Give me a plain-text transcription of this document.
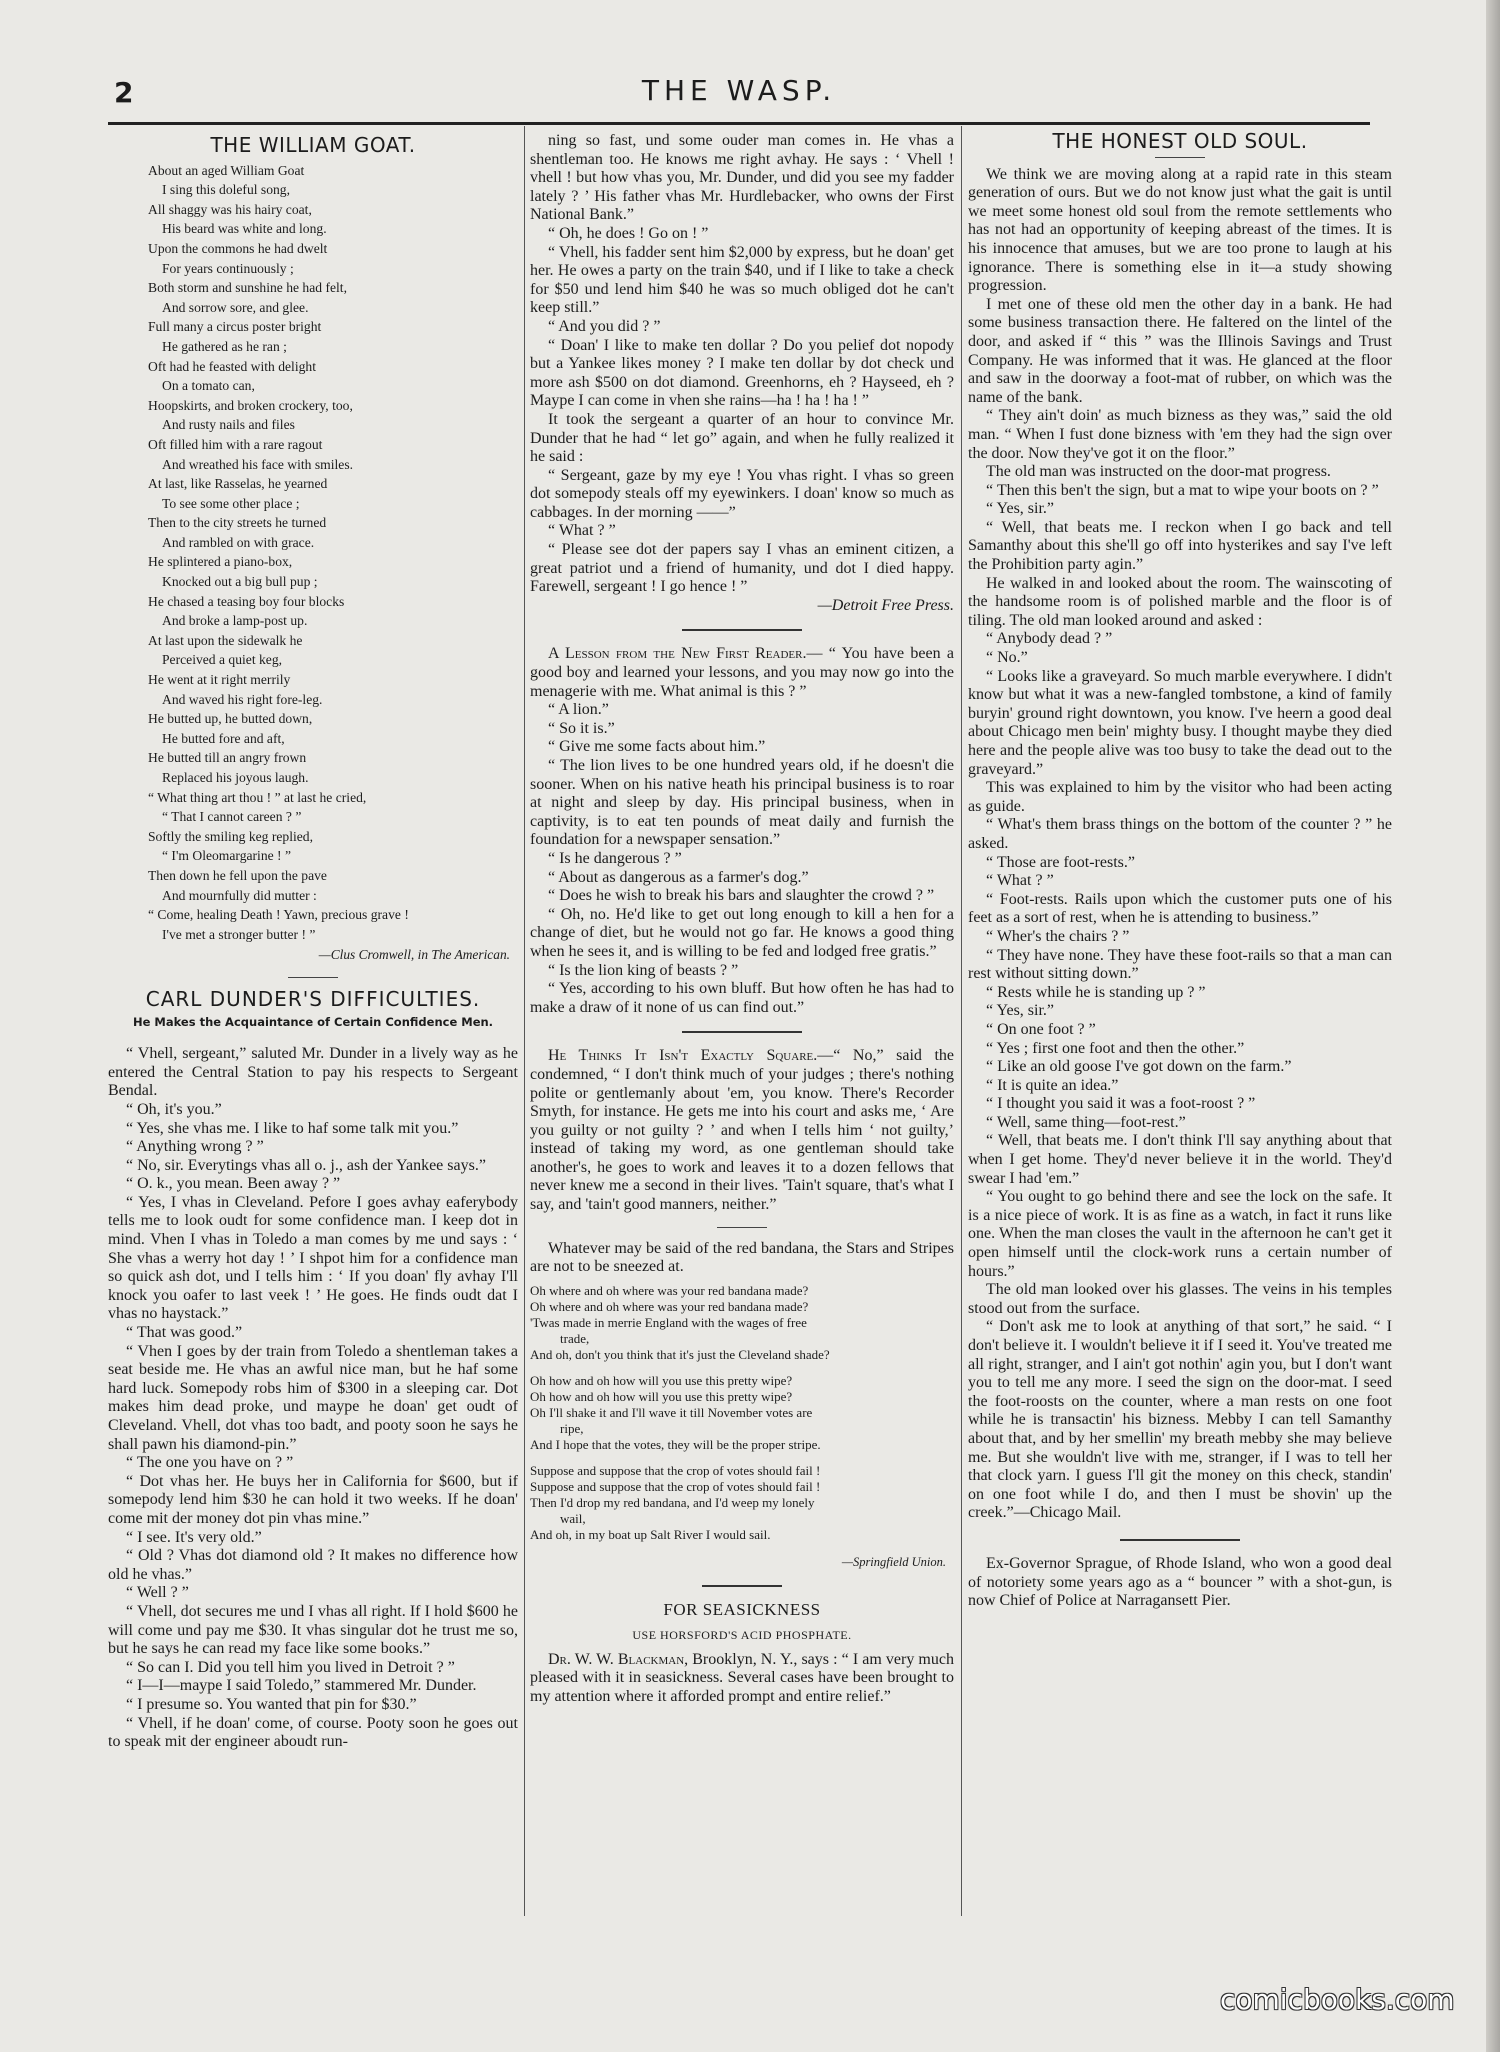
2	THE WASP.
THE WILLIAM GOAT.
About an aged William Goat
I sing this doleful song,
All shaggy was his hairy coat,
His beard was white and long.
Upon the commons he had dwelt
For years continuously ;
Both storm and sunshine he had felt,
And sorrow sore, and glee.
Full many a circus poster bright
He gathered as he ran ;
Oft had he feasted with delight
On a tomato can,
Hoopskirts, and broken crockery, too,
And rusty nails and files
Oft filled him with a rare ragout
And wreathed his face with smiles.
At last, like Rasselas, he yearned
To see some other place ;
Then to the city streets he turned
And rambled on with grace.
He splintered a piano-box,
Knocked out a big bull pup ;
He chased a teasing boy four blocks
And broke a lamp-post up.
At last upon the sidewalk he
Perceived a quiet keg,
He went at it right merrily
And waved his right fore-leg.
He butted up, he butted down,
He butted fore and aft,
He butted till an angry frown
Replaced his joyous laugh.
“ What thing art thou ! ” at last he cried,
“ That I cannot careen ? ”
Softly the smiling keg replied,
“ I'm Oleomargarine ! ”
Then down he fell upon the pave
And mournfully did mutter :
“ Come, healing Death ! Yawn, precious grave !
I've met a stronger butter ! ”
—Clus Cromwell, in The American.
CARL DUNDER'S DIFFICULTIES.
He Makes the Acquaintance of Certain Confidence Men.

“ Vhell, sergeant,” saluted Mr. Dunder in a lively way as he entered the Central Station to pay his respects to Sergeant Bendal.

“ Oh, it's you.”

“ Yes, she vhas me. I like to haf some talk mit you.”

“ Anything wrong ? ”

“ No, sir. Everytings vhas all o. j., ash der Yankee says.”

“ O. k., you mean. Been away ? ”

“ Yes, I vhas in Cleveland. Pefore I goes avhay eaferybody tells me to look oudt for some confidence man. I keep dot in mind. Vhen I vhas in Toledo a man comes by me und says : ‘ She vhas a werry hot day ! ’ I shpot him for a confidence man so quick ash dot, und I tells him : ‘ If you doan' fly avhay I'll knock you oafer to last veek ! ’ He goes. He finds oudt dat I vhas no haystack.”

“ That was good.”

“ Vhen I goes by der train from Toledo a shentleman takes a seat beside me. He vhas an awful nice man, but he haf some hard luck. Somepody robs him of $300 in a sleeping car. Dot makes him dead proke, und maype he doan' get oudt of Cleveland. Vhell, dot vhas too badt, and pooty soon he says he shall pawn his diamond-pin.”

“ The one you have on ? ”

“ Dot vhas her. He buys her in California for $600, but if somepody lend him $30 he can hold it two weeks. If he doan' come mit der money dot pin vhas mine.”

“ I see. It's very old.”

“ Old ? Vhas dot diamond old ? It makes no difference how old he vhas.”

“ Well ? ”

“ Vhell, dot secures me und I vhas all right. If I hold $600 he will come und pay me $30. It vhas singular dot he trust me so, but he says he can read my face like some books.”

“ So can I. Did you tell him you lived in Detroit ? ”

“ I—I—maype I said Toledo,” stammered Mr. Dunder.

“ I presume so. You wanted that pin for $30.”

“ Vhell, if he doan' come, of course. Pooty soon he goes out to speak mit der engineer aboudt run-

ning so fast, und some ouder man comes in. He vhas a shentleman too. He knows me right avhay. He says : ‘ Vhell ! vhell ! but how vhas you, Mr. Dunder, und did you see my fadder lately ? ’ His father vhas Mr. Hurdlebacker, who owns der First National Bank.”

“ Oh, he does ! Go on ! ”

“ Vhell, his fadder sent him $2,000 by express, but he doan' get her. He owes a party on the train $40, und if I like to take a check for $50 und lend him $40 he was so much obliged dot he can't keep still.”

“ And you did ? ”

“ Doan' I like to make ten dollar ? Do you pelief dot nopody but a Yankee likes money ? I make ten dollar by dot check und more ash $500 on dot diamond. Greenhorns, eh ? Hayseed, eh ? Maype I can come in vhen she rains—ha ! ha ! ha ! ”

It took the sergeant a quarter of an hour to convince Mr. Dunder that he had “ let go” again, and when he fully realized it he said :

“ Sergeant, gaze by my eye ! You vhas right. I vhas so green dot somepody steals off my eyewinkers. I doan' know so much as cabbages. In der morning ——”

“ What ? ”

“ Please see dot der papers say I vhas an eminent citizen, a great patriot und a friend of humanity, und dot I died happy. Farewell, sergeant ! I go hence ! ”

—Detroit Free Press.

A Lesson from the New First Reader.— “ You have been a good boy and learned your lessons, and you may now go into the menagerie with me. What animal is this ? ”

“ A lion.”

“ So it is.”

“ Give me some facts about him.”

“ The lion lives to be one hundred years old, if he doesn't die sooner. When on his native heath his principal business is to roar at night and sleep by day. His principal business, when in captivity, is to eat ten pounds of meat daily and furnish the foundation for a newspaper sensation.”

“ Is he dangerous ? ”

“ About as dangerous as a farmer's dog.”

“ Does he wish to break his bars and slaughter the crowd ? ”

“ Oh, no. He'd like to get out long enough to kill a hen for a change of diet, but he would not go far. He knows a good thing when he sees it, and is willing to be fed and lodged free gratis.”

“ Is the lion king of beasts ? ”

“ Yes, according to his own bluff. But how often he has had to make a draw of it none of us can find out.”

He Thinks It Isn't Exactly Square.—“ No,” said the condemned, “ I don't think much of your judges ; there's nothing polite or gentlemanly about 'em, you know. There's Recorder Smyth, for instance. He gets me into his court and asks me, ‘ Are you guilty or not guilty ? ’ and when I tells him ‘ not guilty,’ instead of taking my word, as one gentleman should take another's, he goes to work and leaves it to a dozen fellows that never knew me a second in their lives. 'Tain't square, that's what I say, and 'tain't good manners, neither.”

Whatever may be said of the red bandana, the Stars and Stripes are not to be sneezed at.

Oh where and oh where was your red bandana made?
Oh where and oh where was your red bandana made?
'Twas made in merrie England with the wages of free
trade,
And oh, don't you think that it's just the Cleveland shade?
Oh how and oh how will you use this pretty wipe?
Oh how and oh how will you use this pretty wipe?
Oh I'll shake it and I'll wave it till November votes are
ripe,
And I hope that the votes, they will be the proper stripe.
Suppose and suppose that the crop of votes should fail !
Suppose and suppose that the crop of votes should fail !
Then I'd drop my red bandana, and I'd weep my lonely
wail,
And oh, in my boat up Salt River I would sail.
—Springfield Union.
FOR SEASICKNESS
USE HORSFORD'S ACID PHOSPHATE.

Dr. W. W. Blackman, Brooklyn, N. Y., says : “ I am very much pleased with it in seasickness. Several cases have been brought to my attention where it afforded prompt and entire relief.”

THE HONEST OLD SOUL.

We think we are moving along at a rapid rate in this steam generation of ours. But we do not know just what the gait is until we meet some honest old soul from the remote settlements who has not had an opportunity of keeping abreast of the times. It is his innocence that amuses, but we are too prone to laugh at his ignorance. There is something else in it—a study showing progression.

I met one of these old men the other day in a bank. He had some business transaction there. He faltered on the lintel of the door, and asked if “ this ” was the Illinois Savings and Trust Company. He was informed that it was. He glanced at the floor and saw in the doorway a foot-mat of rubber, on which was the name of the bank.

“ They ain't doin' as much bizness as they was,” said the old man. “ When I fust done bizness with 'em they had the sign over the door. Now they've got it on the floor.”

The old man was instructed on the door-mat progress.

“ Then this ben't the sign, but a mat to wipe your boots on ? ”

“ Yes, sir.”

“ Well, that beats me. I reckon when I go back and tell Samanthy about this she'll go off into hysterikes and say I've left the Prohibition party agin.”

He walked in and looked about the room. The wainscoting of the handsome room is of polished marble and the floor is of tiling. The old man looked around and asked :

“ Anybody dead ? ”

“ No.”

“ Looks like a graveyard. So much marble everywhere. I didn't know but what it was a new-fangled tombstone, a kind of family buryin' ground right downtown, you know. I've heern a good deal about Chicago men bein' mighty busy. I thought maybe they died here and the people alive was too busy to take the dead out to the graveyard.”

This was explained to him by the visitor who had been acting as guide.

“ What's them brass things on the bottom of the counter ? ” he asked.

“ Those are foot-rests.”

“ What ? ”

“ Foot-rests. Rails upon which the customer puts one of his feet as a sort of rest, when he is attending to business.”

“ Wher's the chairs ? ”

“ They have none. They have these foot-rails so that a man can rest without sitting down.”

“ Rests while he is standing up ? ”

“ Yes, sir.”

“ On one foot ? ”

“ Yes ; first one foot and then the other.”

“ Like an old goose I've got down on the farm.”

“ It is quite an idea.”

“ I thought you said it was a foot-roost ? ”

“ Well, same thing—foot-rest.”

“ Well, that beats me. I don't think I'll say anything about that when I get home. They'd never believe it in the world. They'd swear I had 'em.”

“ You ought to go behind there and see the lock on the safe. It is a nice piece of work. It is as fine as a watch, in fact it runs like one. When the man closes the vault in the afternoon he can't get it open himself until the clock-work runs a certain number of hours.”

The old man looked over his glasses. The veins in his temples stood out from the surface.

“ Don't ask me to look at anything of that sort,” he said. “ I don't believe it. I wouldn't believe it if I seed it. You've treated me all right, stranger, and I ain't got nothin' agin you, but I don't want you to tell me any more. I seed the sign on the door-mat. I seed the foot-roosts on the counter, where a man rests on one foot while he is transactin' his bizness. Mebby I can tell Samanthy about that, and by her smellin' my breath mebby she may believe me. But she wouldn't live with me, stranger, if I was to tell her that clock yarn. I guess I'll git the money on this check, standin' on one foot while I do, and then I must be shovin' up the creek.”—Chicago Mail.

Ex-Governor Sprague, of Rhode Island, who won a good deal of notoriety some years ago as a “ bouncer ” with a shot-gun, is now Chief of Police at Narragansett Pier.

comicbooks.com
